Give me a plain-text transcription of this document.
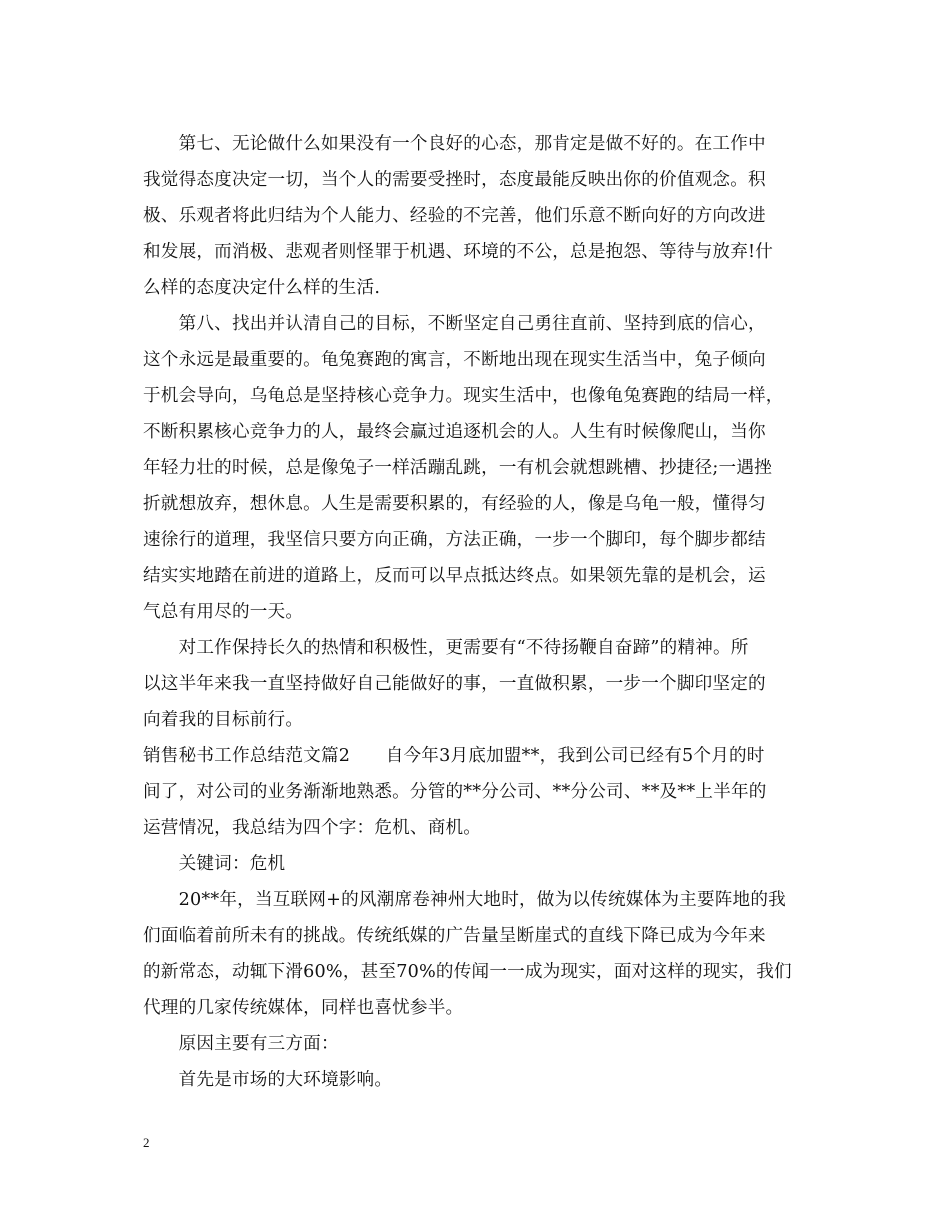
　　第七、无论做什么如果没有一个良好的心态，那肯定是做不好的。在工作中
我觉得态度决定一切，当个人的需要受挫时，态度最能反映出你的价值观念。积
极、乐观者将此归结为个人能力、经验的不完善，他们乐意不断向好的方向改进
和发展，而消极、悲观者则怪罪于机遇、环境的不公，总是抱怨、等待与放弃!什
么样的态度决定什么样的生活.
　　第八、找出并认清自己的目标，不断坚定自己勇往直前、坚持到底的信心，
这个永远是最重要的。龟兔赛跑的寓言，不断地出现在现实生活当中，兔子倾向
于机会导向，乌龟总是坚持核心竞争力。现实生活中，也像龟兔赛跑的结局一样，
不断积累核心竞争力的人，最终会赢过追逐机会的人。人生有时候像爬山，当你
年轻力壮的时候，总是像兔子一样活蹦乱跳，一有机会就想跳槽、抄捷径;一遇挫
折就想放弃，想休息。人生是需要积累的，有经验的人，像是乌龟一般，懂得匀
速徐行的道理，我坚信只要方向正确，方法正确，一步一个脚印，每个脚步都结
结实实地踏在前进的道路上，反而可以早点抵达终点。如果领先靠的是机会，运
气总有用尽的一天。
　　对工作保持长久的热情和积极性，更需要有“不待扬鞭自奋蹄”的精神。所
以这半年来我一直坚持做好自己能做好的事，一直做积累，一步一个脚印坚定的
向着我的目标前行。
销售秘书工作总结范文篇2　　自今年3月底加盟**，我到公司已经有5个月的时
间了，对公司的业务渐渐地熟悉。分管的**分公司、**分公司、**及**上半年的
运营情况，我总结为四个字：危机、商机。
　　关键词：危机
　　20**年，当互联网+的风潮席卷神州大地时，做为以传统媒体为主要阵地的我
们面临着前所未有的挑战。传统纸媒的广告量呈断崖式的直线下降已成为今年来
的新常态，动辄下滑60%，甚至70%的传闻一一成为现实，面对这样的现实，我们
代理的几家传统媒体，同样也喜忧参半。
　　原因主要有三方面：
　　首先是市场的大环境影响。
2
